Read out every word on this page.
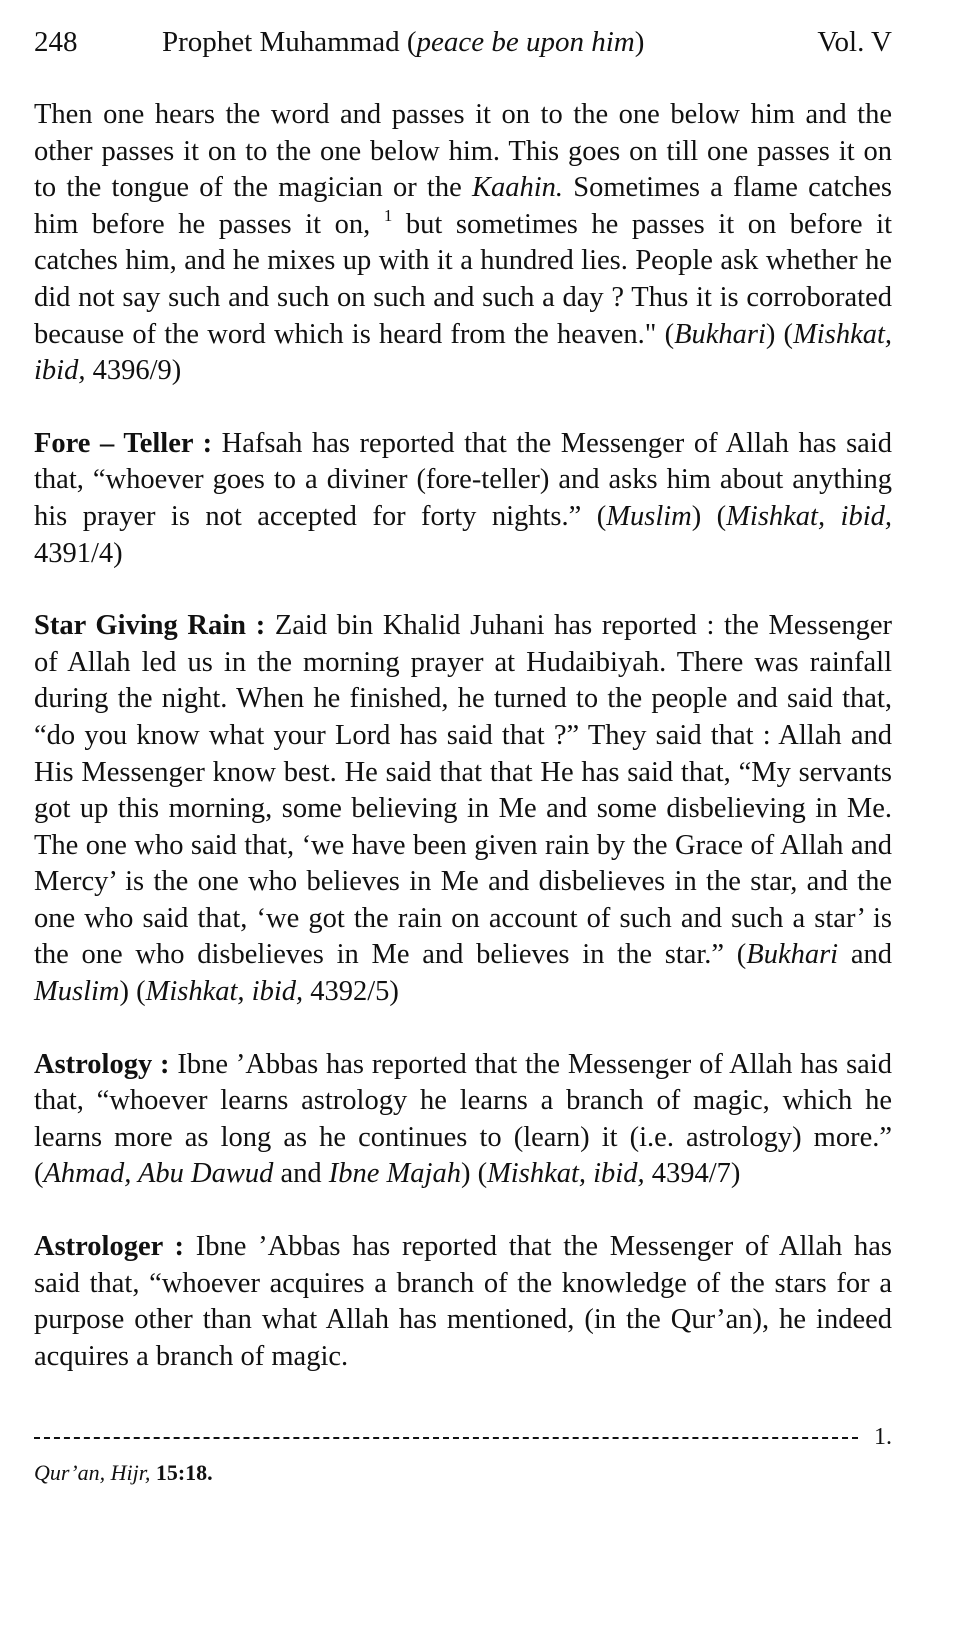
248	Prophet Muhammad (peace be upon him)	Vol. V

Then one hears the word and passes it on to the one below him and the other passes it on to the one below him. This goes on till one passes it on to the tongue of the magician or the Kaahin. Sometimes a flame catches him before he passes it on, $^1$ but sometimes he passes it on before it catches him, and he mixes up with it a hundred lies. People ask whether he did not say such and such on such and such a day ? Thus it is corroborated because of the word which is heard from the heaven." (Bukhari) (Mishkat, ibid, 4396/9)

Fore – Teller : Hafsah has reported that the Messenger of Allah has said that, “whoever goes to a diviner (fore-teller) and asks him about anything his prayer is not accepted for forty nights.” (Muslim) (Mishkat, ibid, 4391/4)

Star Giving Rain : Zaid bin Khalid Juhani has reported : the Messenger of Allah led us in the morning prayer at Hudaibiyah. There was rainfall during the night. When he finished, he turned to the people and said that, “do you know what your Lord has said that ?” They said that : Allah and His Messenger know best. He said that that He has said that, “My servants got up this morning, some believing in Me and some disbelieving in Me. The one who said that, ‘we have been given rain by the Grace of Allah and Mercy’ is the one who believes in Me and disbelieves in the star, and the one who said that, ‘we got the rain on account of such and such a star’ is the one who disbelieves in Me and believes in the star.” (Bukhari and Muslim) (Mishkat, ibid, 4392/5)

Astrology : Ibne ’Abbas has reported that the Messenger of Allah has said that, “whoever learns astrology he learns a branch of magic, which he learns more as long as he continues to (learn) it (i.e. astrology) more.” (Ahmad, Abu Dawud and Ibne Majah) (Mishkat, ibid, 4394/7)

Astrologer : Ibne ’Abbas has reported that the Messenger of Allah has said that, “whoever acquires a branch of the knowledge of the stars for a purpose other than what Allah has mentioned, (in the Qur’an), he indeed acquires a branch of magic.

1.
Qur’an, Hijr, 15:18.
